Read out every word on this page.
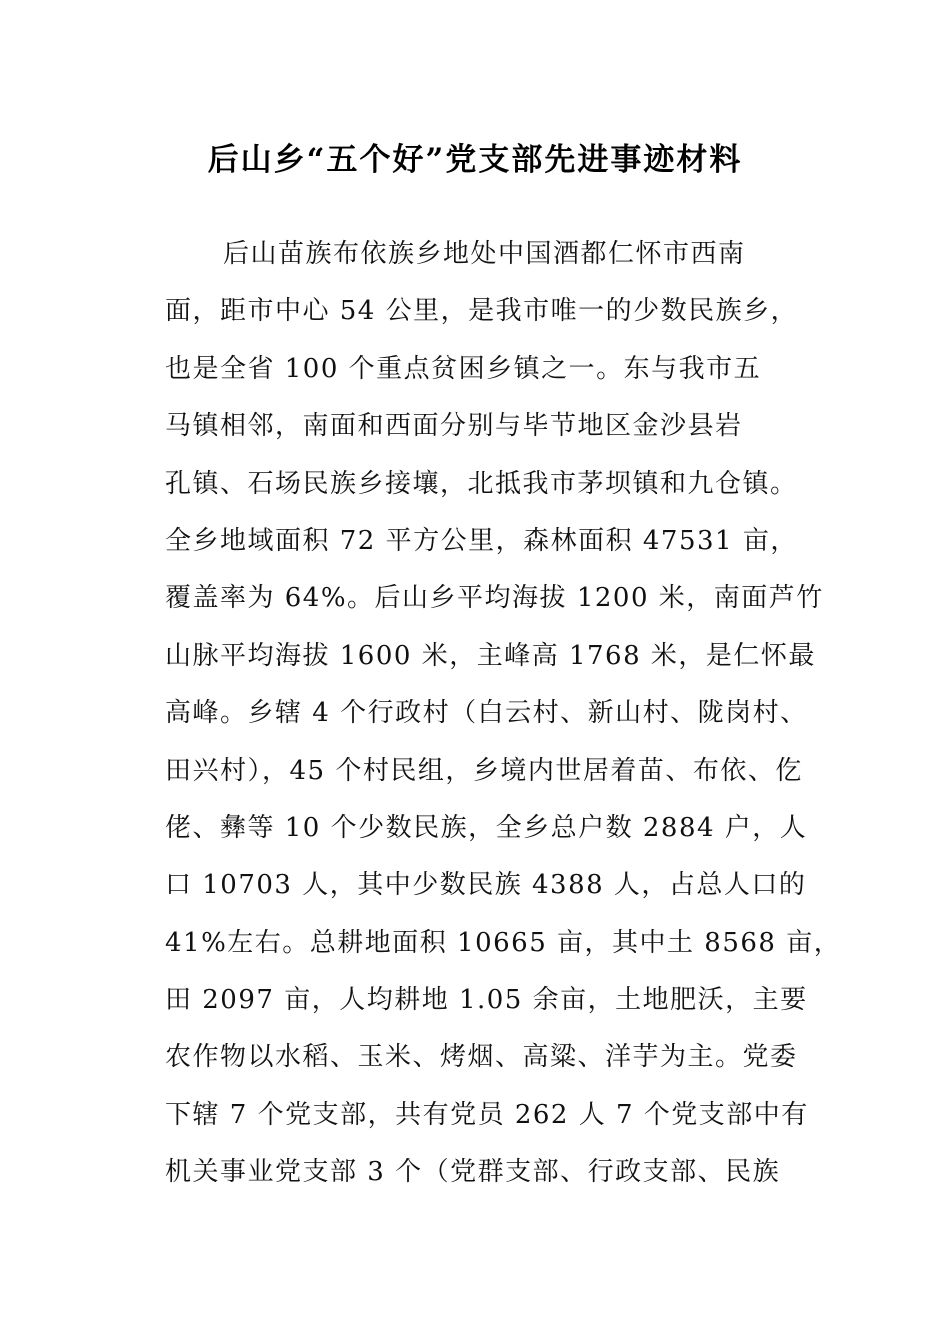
后山乡“五个好”党支部先进事迹材料
后山苗族布依族乡地处中国酒都仁怀市西南
面，距市中心 54 公里，是我市唯一的少数民族乡，
也是全省 100 个重点贫困乡镇之一。东与我市五
马镇相邻，南面和西面分别与毕节地区金沙县岩
孔镇、石场民族乡接壤，北抵我市茅坝镇和九仓镇。
全乡地域面积 72 平方公里，森林面积 47531 亩，
覆盖率为 64%。后山乡平均海拔 1200 米，南面芦竹
山脉平均海拔 1600 米，主峰高 1768 米，是仁怀最
高峰。乡辖 4 个行政村（白云村、新山村、陇岗村、
田兴村），45 个村民组，乡境内世居着苗、布依、仡
佬、彝等 10 个少数民族，全乡总户数 2884 户，人
口 10703 人，其中少数民族 4388 人，占总人口的
41%左右。总耕地面积 10665 亩，其中土 8568 亩，
田 2097 亩，人均耕地 1.05 余亩，土地肥沃，主要
农作物以水稻、玉米、烤烟、高粱、洋芋为主。党委
下辖 7 个党支部，共有党员 262 人 7 个党支部中有
机关事业党支部 3 个（党群支部、行政支部、民族
